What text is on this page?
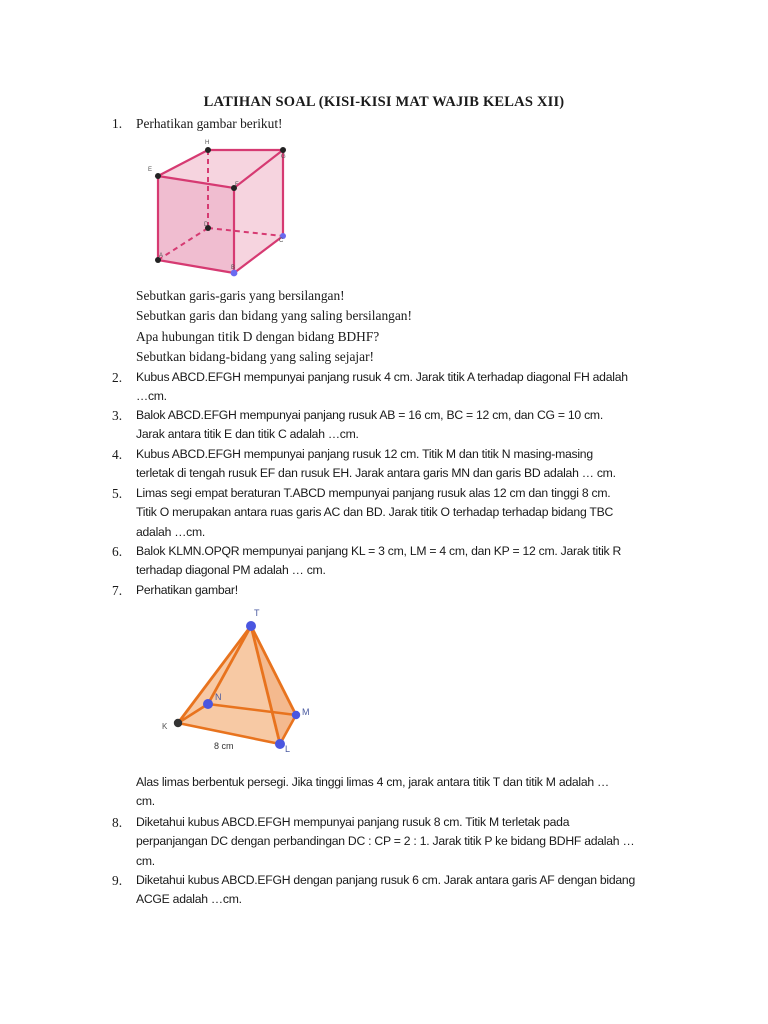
LATIHAN SOAL (KISI-KISI MAT WAJIB KELAS XII)
1.	Perhatikan gambar berikut!
E
H
G
F
A
D
C
B
Sebutkan garis-garis yang bersilangan!
Sebutkan garis dan bidang yang saling bersilangan!
Apa hubungan titik D dengan bidang BDHF?
Sebutkan bidang-bidang yang saling sejajar!
2.	Kubus ABCD.EFGH mempunyai panjang rusuk 4 cm. Jarak titik A terhadap diagonal FH adalah
…cm.
3.	Balok ABCD.EFGH mempunyai panjang rusuk AB = 16 cm, BC = 12 cm, dan CG = 10 cm.
Jarak antara titik E dan titik C adalah …cm.
4.	Kubus ABCD.EFGH mempunyai panjang rusuk 12 cm. Titik M dan titik N masing-masing
terletak di tengah rusuk EF dan rusuk EH. Jarak antara garis MN dan garis BD adalah … cm.
5.	Limas segi empat beraturan T.ABCD mempunyai panjang rusuk alas 12 cm dan tinggi 8 cm.
Titik O merupakan antara ruas garis AC dan BD. Jarak titik O terhadap terhadap bidang TBC
adalah …cm.
6.	Balok KLMN.OPQR mempunyai panjang KL = 3 cm, LM = 4 cm, dan KP = 12 cm. Jarak titik R
terhadap diagonal PM adalah … cm.
7.	Perhatikan gambar!
T
K
L
M
N
8 cm
Alas limas berbentuk persegi. Jika tinggi limas 4 cm, jarak antara titik T dan titik M adalah …
cm.
8.	Diketahui kubus ABCD.EFGH mempunyai panjang rusuk 8 cm. Titik M terletak pada
perpanjangan DC dengan perbandingan DC : CP = 2 : 1. Jarak titik P ke bidang BDHF adalah …
cm.
9.	Diketahui kubus ABCD.EFGH dengan panjang rusuk 6 cm. Jarak antara garis AF dengan bidang
ACGE adalah …cm.
